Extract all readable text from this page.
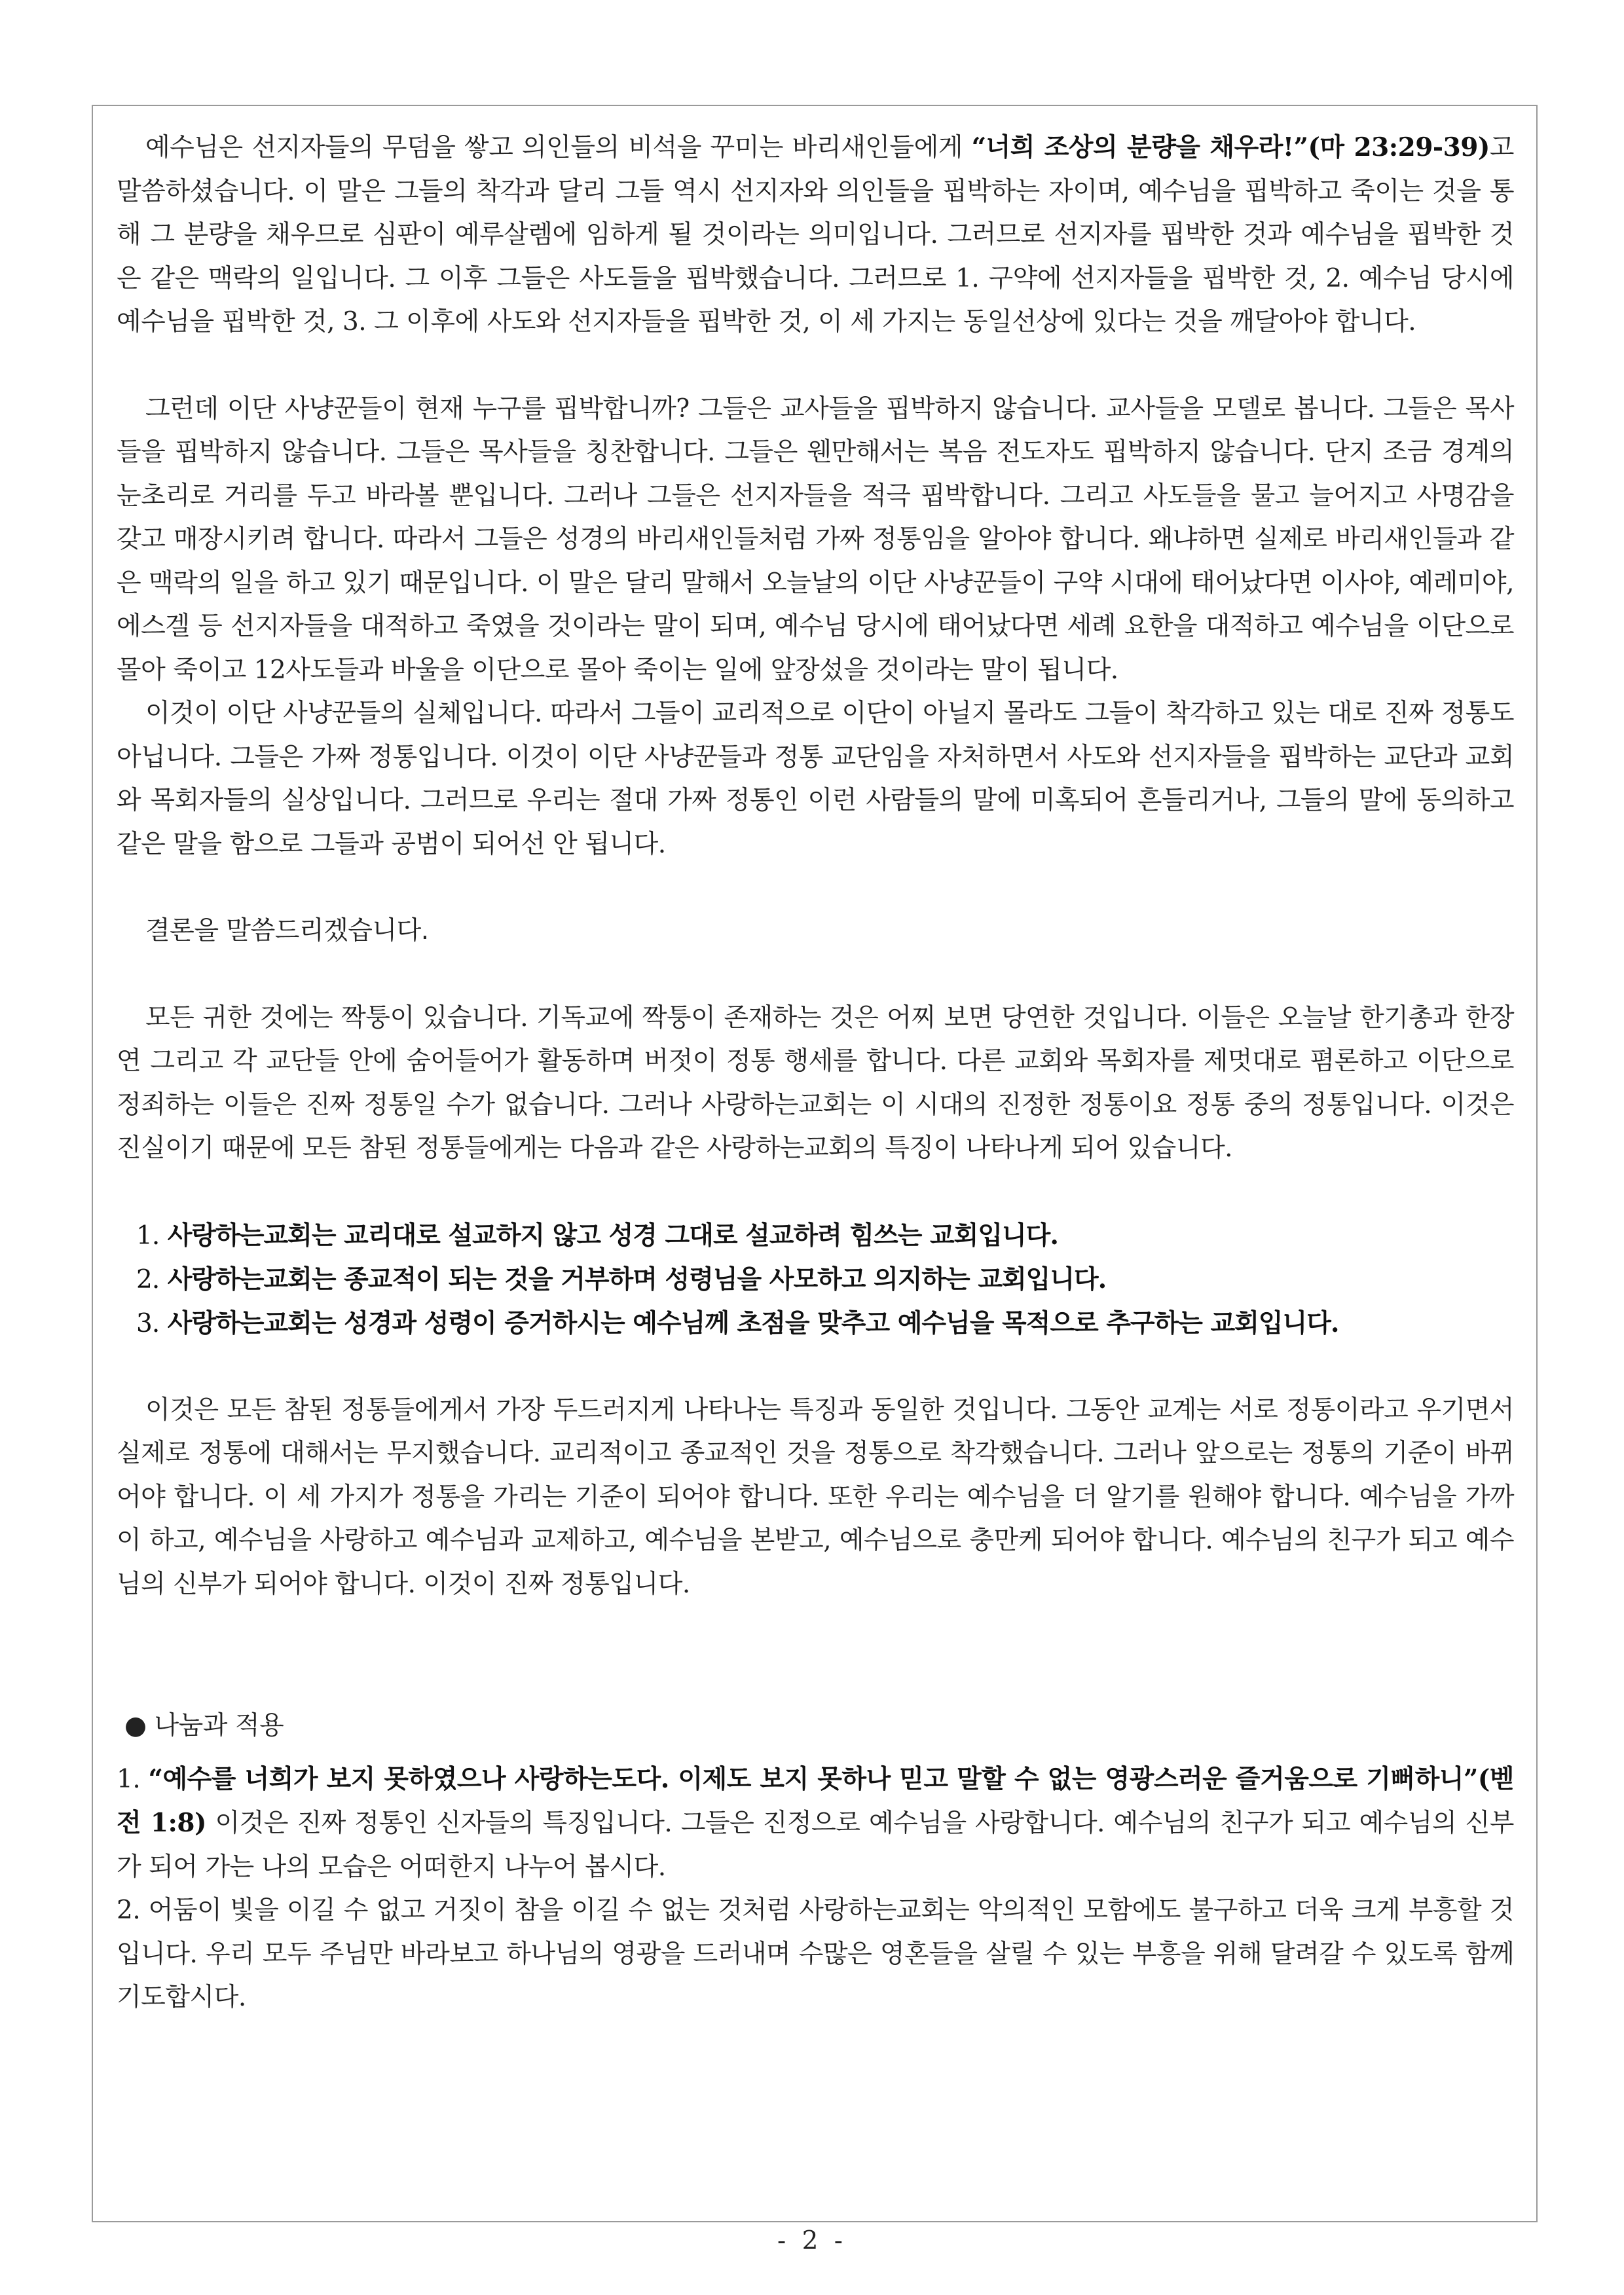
예수님은 선지자들의 무덤을 쌓고 의인들의 비석을 꾸미는 바리새인들에게 “너희 조상의 분량을 채우라!”(마 23:29-39)고 말씀하셨습니다. 이 말은 그들의 착각과 달리 그들 역시 선지자와 의인들을 핍박하는 자이며, 예수님을 핍박하고 죽이는 것을 통해 그 분량을 채우므로 심판이 예루살렘에 임하게 될 것이라는 의미입니다. 그러므로 선지자를 핍박한 것과 예수님을 핍박한 것은 같은 맥락의 일입니다. 그 이후 그들은 사도들을 핍박했습니다. 그러므로 1. 구약에 선지자들을 핍박한 것, 2. 예수님 당시에 예수님을 핍박한 것, 3. 그 이후에 사도와 선지자들을 핍박한 것, 이 세 가지는 동일선상에 있다는 것을 깨달아야 합니다.

그런데 이단 사냥꾼들이 현재 누구를 핍박합니까? 그들은 교사들을 핍박하지 않습니다. 교사들을 모델로 봅니다. 그들은 목사들을 핍박하지 않습니다. 그들은 목사들을 칭찬합니다. 그들은 웬만해서는 복음 전도자도 핍박하지 않습니다. 단지 조금 경계의 눈초리로 거리를 두고 바라볼 뿐입니다. 그러나 그들은 선지자들을 적극 핍박합니다. 그리고 사도들을 물고 늘어지고 사명감을 갖고 매장시키려 합니다. 따라서 그들은 성경의 바리새인들처럼 가짜 정통임을 알아야 합니다. 왜냐하면 실제로 바리새인들과 같은 맥락의 일을 하고 있기 때문입니다. 이 말은 달리 말해서 오늘날의 이단 사냥꾼들이 구약 시대에 태어났다면 이사야, 예레미야, 에스겔 등 선지자들을 대적하고 죽였을 것이라는 말이 되며, 예수님 당시에 태어났다면 세례 요한을 대적하고 예수님을 이단으로 몰아 죽이고 12사도들과 바울을 이단으로 몰아 죽이는 일에 앞장섰을 것이라는 말이 됩니다.

이것이 이단 사냥꾼들의 실체입니다. 따라서 그들이 교리적으로 이단이 아닐지 몰라도 그들이 착각하고 있는 대로 진짜 정통도 아닙니다. 그들은 가짜 정통입니다. 이것이 이단 사냥꾼들과 정통 교단임을 자처하면서 사도와 선지자들을 핍박하는 교단과 교회와 목회자들의 실상입니다. 그러므로 우리는 절대 가짜 정통인 이런 사람들의 말에 미혹되어 흔들리거나, 그들의 말에 동의하고 같은 말을 함으로 그들과 공범이 되어선 안 됩니다.

결론을 말씀드리겠습니다.

모든 귀한 것에는 짝퉁이 있습니다. 기독교에 짝퉁이 존재하는 것은 어찌 보면 당연한 것입니다. 이들은 오늘날 한기총과 한장연 그리고 각 교단들 안에 숨어들어가 활동하며 버젓이 정통 행세를 합니다. 다른 교회와 목회자를 제멋대로 폄론하고 이단으로 정죄하는 이들은 진짜 정통일 수가 없습니다. 그러나 사랑하는교회는 이 시대의 진정한 정통이요 정통 중의 정통입니다. 이것은 진실이기 때문에 모든 참된 정통들에게는 다음과 같은 사랑하는교회의 특징이 나타나게 되어 있습니다.

1. 사랑하는교회는 교리대로 설교하지 않고 성경 그대로 설교하려 힘쓰는 교회입니다.
2. 사랑하는교회는 종교적이 되는 것을 거부하며 성령님을 사모하고 의지하는 교회입니다.
3. 사랑하는교회는 성경과 성령이 증거하시는 예수님께 초점을 맞추고 예수님을 목적으로 추구하는 교회입니다.

이것은 모든 참된 정통들에게서 가장 두드러지게 나타나는 특징과 동일한 것입니다. 그동안 교계는 서로 정통이라고 우기면서 실제로 정통에 대해서는 무지했습니다. 교리적이고 종교적인 것을 정통으로 착각했습니다. 그러나 앞으로는 정통의 기준이 바뀌어야 합니다. 이 세 가지가 정통을 가리는 기준이 되어야 합니다. 또한 우리는 예수님을 더 알기를 원해야 합니다. 예수님을 가까이 하고, 예수님을 사랑하고 예수님과 교제하고, 예수님을 본받고, 예수님으로 충만케 되어야 합니다. 예수님의 친구가 되고 예수님의 신부가 되어야 합니다. 이것이 진짜 정통입니다.

● 나눔과 적용

1. “예수를 너희가 보지 못하였으나 사랑하는도다. 이제도 보지 못하나 믿고 말할 수 없는 영광스러운 즐거움으로 기뻐하니”(벧전 1:8) 이것은 진짜 정통인 신자들의 특징입니다. 그들은 진정으로 예수님을 사랑합니다. 예수님의 친구가 되고 예수님의 신부가 되어 가는 나의 모습은 어떠한지 나누어 봅시다.

2. 어둠이 빛을 이길 수 없고 거짓이 참을 이길 수 없는 것처럼 사랑하는교회는 악의적인 모함에도 불구하고 더욱 크게 부흥할 것입니다. 우리 모두 주님만 바라보고 하나님의 영광을 드러내며 수많은 영혼들을 살릴 수 있는 부흥을 위해 달려갈 수 있도록 함께 기도합시다.

- 2 -
